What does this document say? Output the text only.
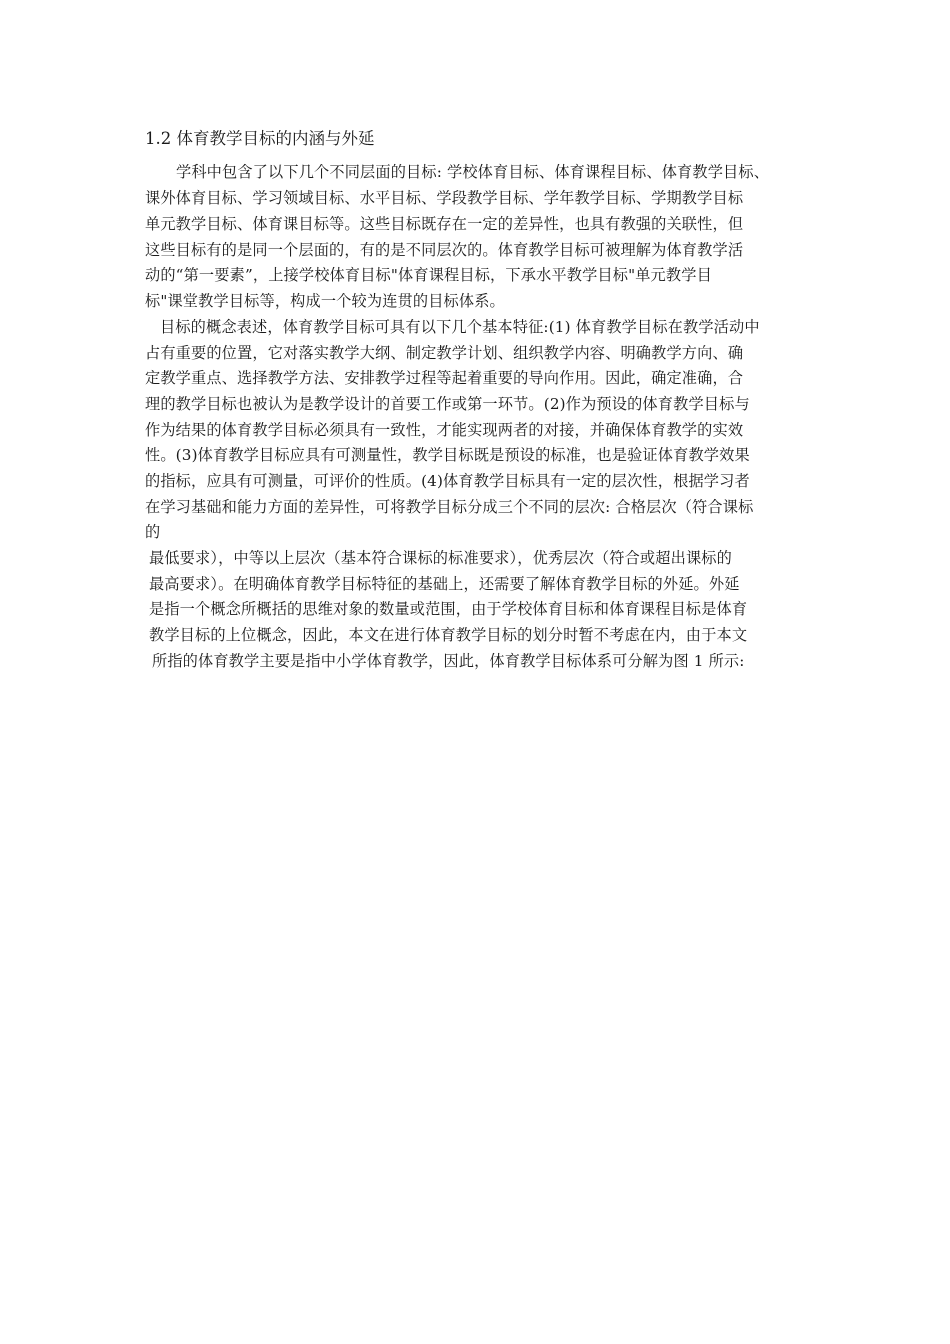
1.2 体育教学目标的内涵与外延

学科中包含了以下几个不同层面的目标: 学校体育目标、体育课程目标、体育教学目标、

课外体育目标、学习领域目标、水平目标、学段教学目标、学年教学目标、学期教学目标

单元教学目标、体育课目标等。这些目标既存在一定的差异性，也具有教强的关联性，但

这些目标有的是同一个层面的，有的是不同层次的。体育教学目标可被理解为体育教学活

动的“第一要素”，上接学校体育目标"体育课程目标，下承水平教学目标"单元教学目

标"课堂教学目标等，构成一个较为连贯的目标体系。

目标的概念表述，体育教学目标可具有以下几个基本特征:(1) 体育教学目标在教学活动中

占有重要的位置，它对落实教学大纲、制定教学计划、组织教学内容、明确教学方向、确

定教学重点、选择教学方法、安排教学过程等起着重要的导向作用。因此，确定准确，合

理的教学目标也被认为是教学设计的首要工作或第一环节。(2)作为预设的体育教学目标与

作为结果的体育教学目标必须具有一致性，才能实现两者的对接，并确保体育教学的实效

性。(3)体育教学目标应具有可测量性，教学目标既是预设的标准，也是验证体育教学效果

的指标，应具有可测量，可评价的性质。(4)体育教学目标具有一定的层次性，根据学习者

在学习基础和能力方面的差异性，可将教学目标分成三个不同的层次: 合格层次（符合课标

的

最低要求），中等以上层次（基本符合课标的标准要求），优秀层次（符合或超出课标的

最高要求）。在明确体育教学目标特征的基础上，还需要了解体育教学目标的外延。外延

是指一个概念所概括的思维对象的数量或范围，由于学校体育目标和体育课程目标是体育

教学目标的上位概念，因此，本文在进行体育教学目标的划分时暂不考虑在内，由于本文

所指的体育教学主要是指中小学体育教学，因此，体育教学目标体系可分解为图 1 所示:
